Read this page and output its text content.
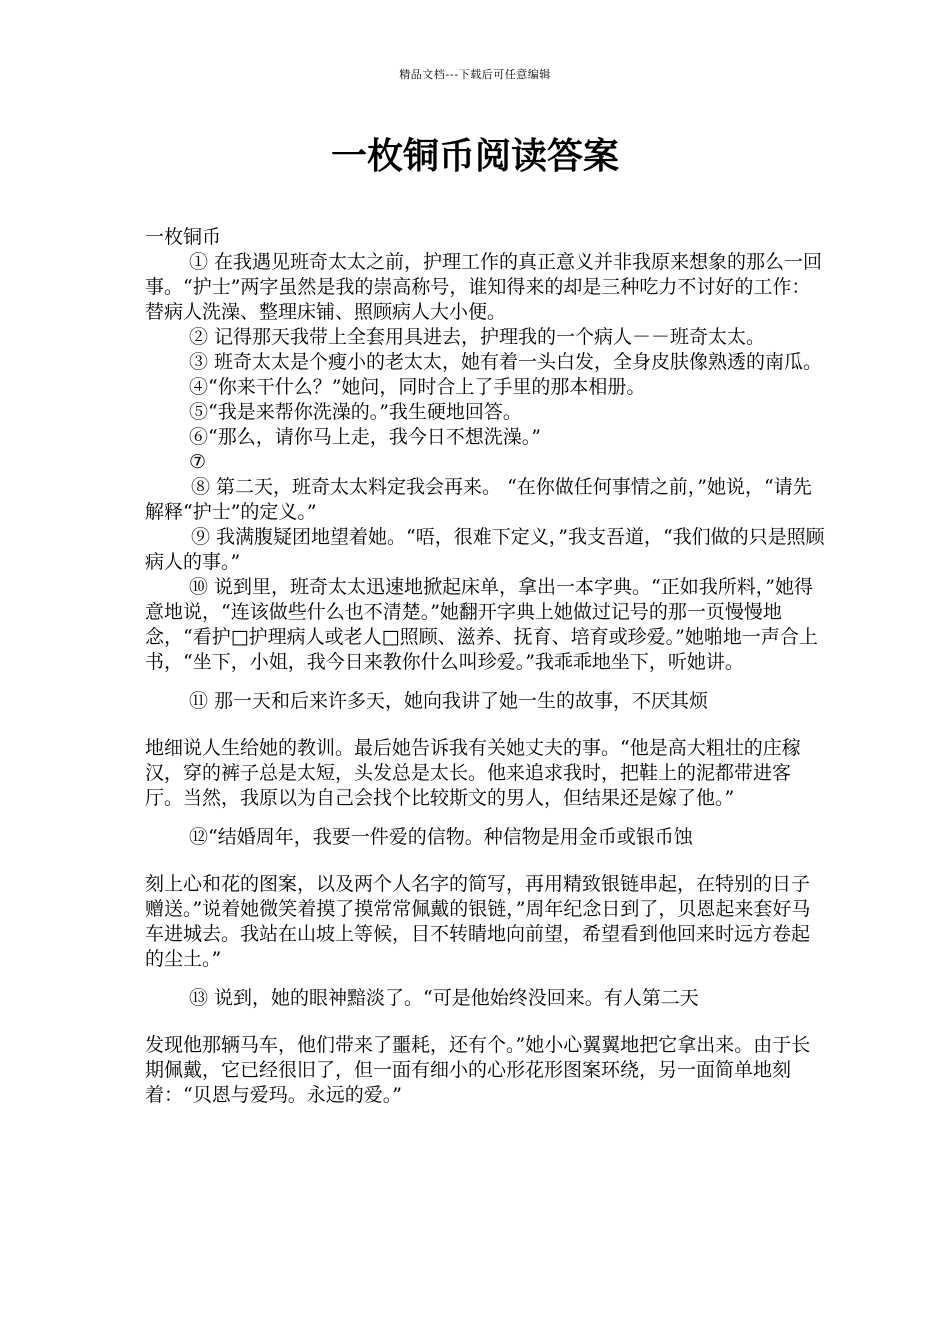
精品文档---下载后可任意编辑
一枚铜币阅读答案

一枚铜币

① 在我遇见班奇太太之前，护理工作的真正意义并非我原来想象的那么一回事。“护士”两字虽然是我的崇高称号，谁知得来的却是三种吃力不讨好的工作：替病人洗澡、整理床铺、照顾病人大小便。

② 记得那天我带上全套用具进去，护理我的一个病人－－班奇太太。

③ 班奇太太是个瘦小的老太太，她有着一头白发，全身皮肤像熟透的南瓜。

④“你来干什么？”她问，同时合上了手里的那本相册。

⑤“我是来帮你洗澡的。”我生硬地回答。

⑥“那么，请你马上走，我今日不想洗澡。”

⑦

⑧ 第二天，班奇太太料定我会再来。 “在你做任何事情之前，”她说，“请先解释“护士”的定义。”

⑨ 我满腹疑团地望着她。“唔，很难下定义，”我支吾道，“我们做的只是照顾病人的事。”

⑩ 说到里，班奇太太迅速地掀起床单，拿出一本字典。“正如我所料，”她得意地说，“连该做些什么也不清楚。”她翻开字典上她做过记号的那一页慢慢地念，“看护□护理病人或老人□照顾、滋养、抚育、培育或珍爱。”她啪地一声合上书，“坐下，小姐，我今日来教你什么叫珍爱。”我乖乖地坐下，听她讲。

⑪ 那一天和后来许多天，她向我讲了她一生的故事，不厌其烦

地细说人生给她的教训。最后她告诉我有关她丈夫的事。“他是高大粗壮的庄稼汉，穿的裤子总是太短，头发总是太长。他来追求我时，把鞋上的泥都带进客厅。当然，我原以为自己会找个比较斯文的男人，但结果还是嫁了他。”

⑫“结婚周年，我要一件爱的信物。种信物是用金币或银币蚀

刻上心和花的图案，以及两个人名字的简写，再用精致银链串起，在特别的日子赠送。”说着她微笑着摸了摸常常佩戴的银链，”周年纪念日到了，贝恩起来套好马车进城去。我站在山坡上等候，目不转睛地向前望，希望看到他回来时远方卷起的尘土。”

⑬ 说到，她的眼神黯淡了。“可是他始终没回来。有人第二天

发现他那辆马车，他们带来了噩耗，还有个。”她小心翼翼地把它拿出来。由于长期佩戴，它已经很旧了，但一面有细小的心形花形图案环绕，另一面简单地刻着：“贝恩与爱玛。永远的爱。”
